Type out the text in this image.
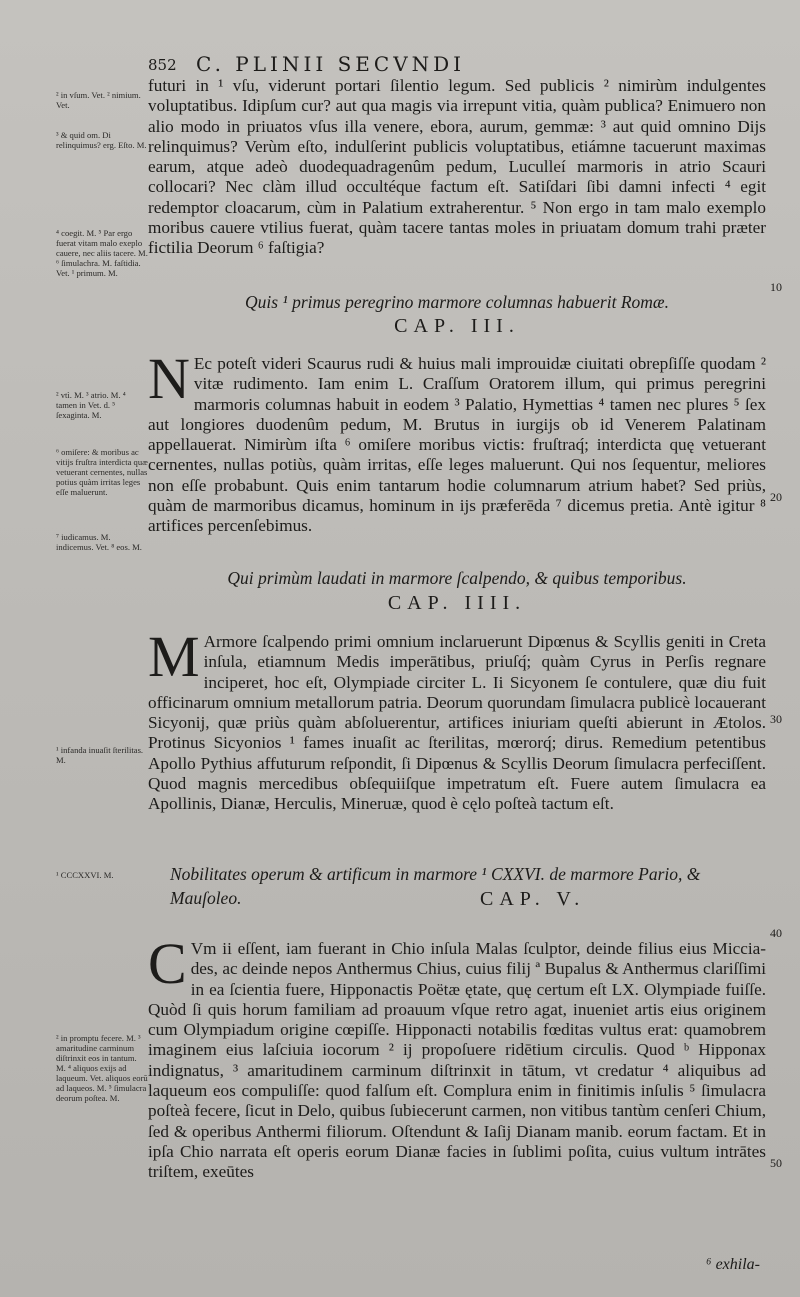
852 C. PLINII SECVNDI

futuri in ¹ vſu, viderunt portari ſilentio legum. Sed publicis ² nimirùm indulgentes voluptatibus. Idipſum cur? aut qua magis via irrepunt vitia, quàm publica? Enimuero non alio modo in priuatos vſus illa venere, ebora, aurum, gemmæ: ³ aut quid omnino Dijs relinquimus? Verùm eſto, indulſerint publicis voluptatibus, etiámne tacuerunt maximas earum, atque adeò duodequadragenûm pedum, Luculleí marmoris in atrio Scauri collocari? Nec clàm illud occultéque factum eſt. Satiſdari ſibi damni infecti ⁴ egit redemptor cloacarum, cùm in Palatium extraherentur. ⁵ Non ergo in tam malo exemplo moribus cauere vtilius fuerat, quàm tacere tantas moles in priuatam domum trahi præter fictilia Deorum ⁶ faſtigia?

Quis ¹ primus peregrino marmore columnas habuerit Romæ.
CAP. III.
N Ec poteſt videri Scaurus rudi & huius mali improuidæ ciuitati obrepſiſſe quodam ² vitæ rudimento. Iam enim L. Craſſum Oratorem illum, qui primus peregrini marmoris columnas habuit in eodem ³ Palatio, Hymettias ⁴ tamen nec plures ⁵ ſex aut longiores duodenûm pedum, M. Brutus in iurgijs ob id Venerem Palatinam appellauerat. Nimirùm iſta ⁶ omiſere moribus victis: fruſtraq́; interdicta quę vetuerant cernentes, nullas potiùs, quàm irritas, eſſe leges maluerunt. Qui nos ſequentur, meliores non eſſe probabunt. Quis enim tantarum hodie columnarum atrium habet? Sed priùs, quàm de marmoribus dicamus, hominum in ijs præferēda ⁷ dicemus pretia. Antè igitur ⁸ artifices percenſebimus.

Qui primùm laudati in marmore ſcalpendo, & quibus temporibus.
CAP. IIII.
M Armore ſcalpendo primi omnium inclaruerunt Dipœnus & Scyllis geniti in Creta inſula, etiamnum Medis imperātibus, priuſq́; quàm Cyrus in Perſis regnare inciperet, hoc eſt, Olympiade circiter L. Ii Sicyonem ſe contulere, quæ diu fuit officinarum omnium metallorum patria. Deorum quorundam ſimulacra publicè locauerant Sicyonij, quæ priùs quàm abſoluerentur, artifices iniuriam queſti abierunt in Ætolos. Protinus Sicyonios ¹ fames inuaſit ac ſterilitas, mœrorq́; dirus. Remedium petentibus Apollo Pythius affuturum reſpondit, ſi Dipœnus & Scyllis Deorum ſimulacra perfeciſſent. Quod magnis mercedibus obſequiiſque impetratum eſt. Fuere autem ſimulacra ea Apollinis, Dianæ, Herculis, Mineruæ, quod è cęlo poſteà tactum eſt.

Nobilitates operum & artificum in marmore ¹ CXXVI. de marmore Pario, & Mauſoleo.	CAP. V.
C Vm ii eſſent, iam fuerant in Chio inſula Malas ſculptor, deinde filius eius Miccia- des, ac deinde nepos Anthermus Chius, cuius filij ª Bupalus & Anthermus clariſſimi in ea ſcientia fuere, Hipponactis Poëtæ ętate, quę certum eſt LX. Olympiade fuiſſe. Quòd ſi quis horum familiam ad proauum vſque retro agat, inueniet artis eius originem cum Olympiadum origine cœpiſſe. Hipponacti notabilis fœditas vultus erat: quamobrem imaginem eius laſciuia iocorum ² ij propoſuere ridētium circulis. Quod ᵇ Hipponax indignatus, ³ amaritudinem carminum diſtrinxit in tātum, vt credatur ⁴ aliquibus ad laqueum eos compuliſſe: quod falſum eſt. Complura enim in finitimis inſulis ⁵ ſimulacra poſteà fecere, ſicut in Delo, quibus ſubiecerunt carmen, non vitibus tantùm cenſeri Chium, ſed & operibus Anthermi filiorum. Oſtendunt & Iaſij Dianam manib. eorum factam. Et in ipſa Chio narrata eſt operis eorum Dianæ facies in ſublimi poſita, cuius vultum intrātes triſtem, exeūtes

⁶ exhila-
² in vſum. Vet. ² nimium. Vet.
³ & quid om. Di relinquimus? erg. Eſto. M.
⁴ coegit. M. ⁵ Par ergo fuerat vitam malo exeplo cauere, nec aliis tacere. M. ⁶ ſimulachra. M. faſtidia. Vet. ¹ primum. M.
² vtì. M. ³ atrio. M. ⁴ tamen in Vet. d. ⁵ ſexaginta. M.
⁶ omiſere: & moribus ac vitijs fruſtra interdicta quæ vetuerant cernentes, nullas potius quàm irritas leges eſſe maluerunt.
⁷ iudicamus. M. indicemus. Vet. ⁸ eos. M.
¹ infanda inuaſit ſterilitas. M.
¹ CCCXXVI. M.
² in promptu fecere. M. ³ amaritudine carminum diſtrinxit eos in tantum. M. ⁴ aliquos exijs ad laqueum. Vet. aliquos eorū ad laqueos. M. ⁵ ſimulacra deorum poſtea. M.
10
20
30
40
50
